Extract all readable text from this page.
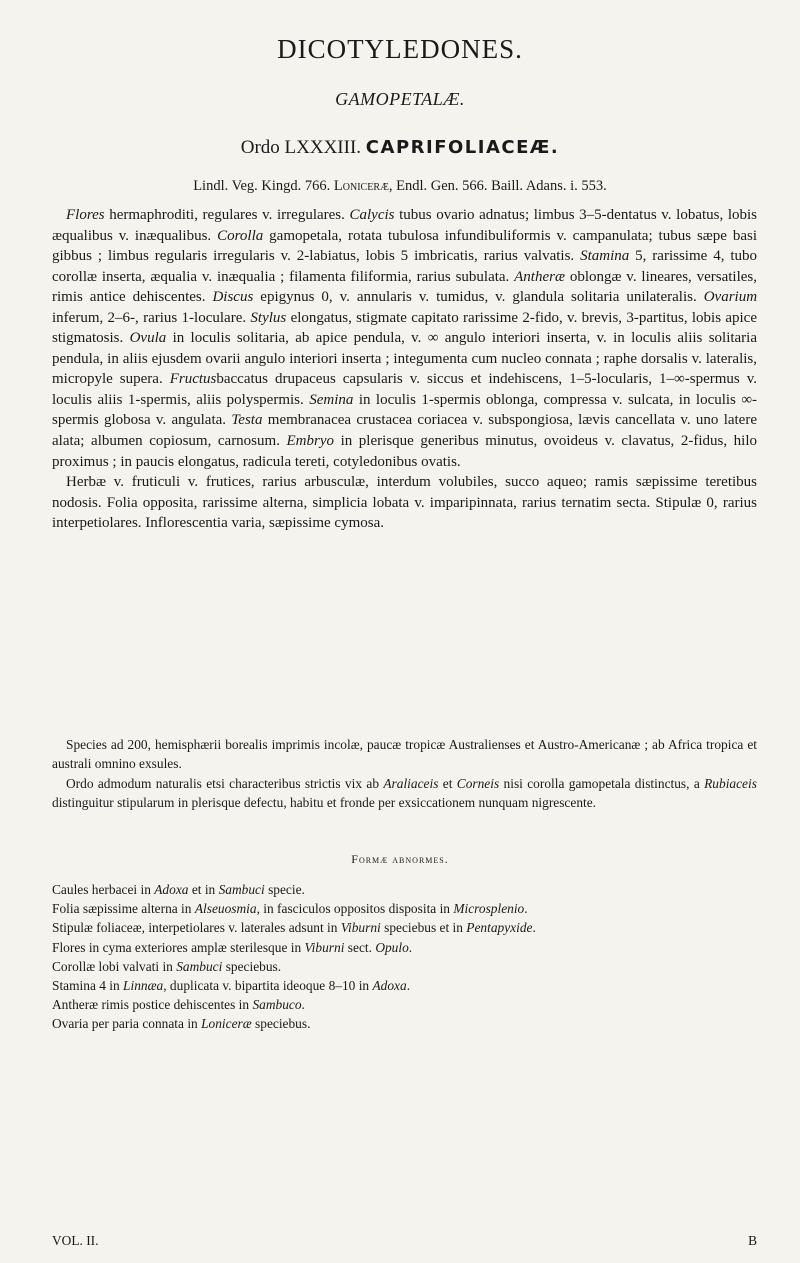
DICOTYLEDONES.
GAMOPETALÆ.
Ordo LXXXIII. CAPRIFOLIACEÆ.
Lindl. Veg. Kingd. 766. Loniceræ, Endl. Gen. 566. Baill. Adans. i. 553.

Flores hermaphroditi, regulares v. irregulares. Calycis tubus ovario adnatus; limbus 3–5-dentatus v. lobatus, lobis æqualibus v. inæqualibus. Corolla gamopetala, rotata tubulosa infundibuliformis v. campanulata; tubus sæpe basi gibbus ; limbus regularis irregularis v. 2-labiatus, lobis 5 imbricatis, rarius valvatis. Stamina 5, rarissime 4, tubo corollæ inserta, æqualia v. inæqualia ; filamenta filiformia, rarius subulata. Antheræ oblongæ v. lineares, versatiles, rimis antice dehiscentes. Discus epigynus 0, v. annularis v. tumidus, v. glandula solitaria unilateralis. Ovarium inferum, 2–6-, rarius 1-loculare. Stylus elongatus, stigmate capitato rarissime 2-fido, v. brevis, 3-partitus, lobis apice stigmatosis. Ovula in loculis solitaria, ab apice pendula, v. ∞ angulo interiori inserta, v. in loculis aliis solitaria pendula, in aliis ejusdem ovarii angulo interiori inserta ; integumenta cum nucleo connata ; raphe dorsalis v. lateralis, micropyle supera. Fructusbaccatus drupaceus capsularis v. siccus et indehiscens, 1–5-locularis, 1–∞-spermus v. loculis aliis 1-spermis, aliis polyspermis. Semina in loculis 1-spermis oblonga, compressa v. sulcata, in loculis ∞-spermis globosa v. angulata. Testa membranacea crustacea coriacea v. subspongiosa, lævis cancellata v. uno latere alata; albumen copiosum, carnosum. Embryo in plerisque generibus minutus, ovoideus v. clavatus, 2-fidus, hilo proximus ; in paucis elongatus, radicula tereti, cotyledonibus ovatis.

Herbæ v. fruticuli v. frutices, rarius arbusculæ, interdum volubiles, succo aqueo; ramis sæpissime teretibus nodosis. Folia opposita, rarissime alterna, simplicia lobata v. imparipinnata, rarius ternatim secta. Stipulæ 0, rarius interpetiolares. Inflorescentia varia, sæpissime cymosa.

Species ad 200, hemisphærii borealis imprimis incolæ, paucæ tropicæ Australienses et Austro-Americanæ ; ab Africa tropica et australi omnino exsules.

Ordo admodum naturalis etsi characteribus strictis vix ab Araliaceis et Corneis nisi corolla gamopetala distinctus, a Rubiaceis distinguitur stipularum in plerisque defectu, habitu et fronde per exsiccationem nunquam nigrescente.

Formæ abnormes.
Caules herbacei in Adoxa et in Sambuci specie.
Folia sæpissime alterna in Alseuosmia, in fasciculos oppositos disposita in Microsplenio.
Stipulæ foliaceæ, interpetiolares v. laterales adsunt in Viburni speciebus et in Pentapyxide.
Flores in cyma exteriores amplæ sterilesque in Viburni sect. Opulo.
Corollæ lobi valvati in Sambuci speciebus.
Stamina 4 in Linnæa, duplicata v. bipartita ideoque 8–10 in Adoxa.
Antheræ rimis postice dehiscentes in Sambuco.
Ovaria per paria connata in Loniceræ speciebus.
VOL. II.	B
